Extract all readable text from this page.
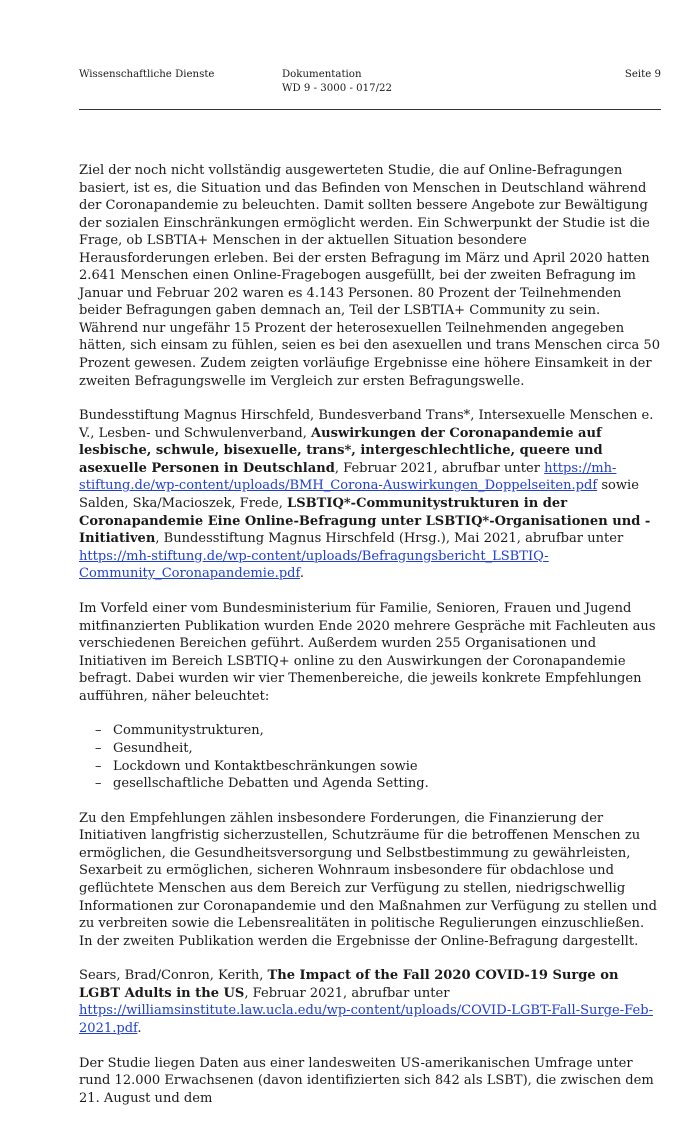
Wissenschaftliche Dienste	Dokumentation
WD 9 - 3000 - 017/22
Seite 9

Ziel der noch nicht vollständig ausgewerteten Studie, die auf Online-Befragungen basiert, ist es, die Situation und das Befinden von Menschen in Deutschland während der Coronapandemie zu beleuchten. Damit sollten bessere Angebote zur Bewältigung der sozialen Einschränkungen ermöglicht werden. Ein Schwerpunkt der Studie ist die Frage, ob LSBTIA+ Menschen in der aktuellen Situation besondere Herausforderungen erleben. Bei der ersten Befragung im März und April 2020 hatten 2.641 Menschen einen Online-Fragebogen ausgefüllt, bei der zweiten Befragung im Januar und Februar 202 waren es 4.143 Personen. 80 Prozent der Teilnehmenden beider Befragungen gaben demnach an, Teil der LSBTIA+ Community zu sein. Während nur ungefähr 15 Prozent der heterosexuellen Teilnehmenden angegeben hätten, sich einsam zu fühlen, seien es bei den asexuellen und trans Menschen circa 50 Prozent gewesen. Zudem zeigten vorläufige Ergebnisse eine höhere Einsamkeit in der zweiten Befragungswelle im Vergleich zur ersten Befragungswelle.

Bundesstiftung Magnus Hirschfeld, Bundesverband Trans*, Intersexuelle Menschen e. V., Lesben- und Schwulenverband, Auswirkungen der Coronapandemie auf lesbische, schwule, bisexuelle, trans*, intergeschlechtliche, queere und asexuelle Personen in Deutschland, Februar 2021, abrufbar unter https://mh-stiftung.de/wp-content/uploads/BMH_Corona-Auswirkungen_Doppelseiten.pdf sowie Salden, Ska/Macioszek, Frede, LSBTIQ*-Communitystrukturen in der Coronapandemie Eine Online-Befragung unter LSBTIQ*-Organisationen und -Initiativen, Bundesstiftung Magnus Hirschfeld (Hrsg.), Mai 2021, abrufbar unter https://mh-stiftung.de/wp-content/uploads/Befragungsbericht_LSBTIQ-Community_Coronapandemie.pdf.

Im Vorfeld einer vom Bundesministerium für Familie, Senioren, Frauen und Jugend mitfinanzierten Publikation wurden Ende 2020 mehrere Gespräche mit Fachleuten aus verschiedenen Bereichen geführt. Außerdem wurden 255 Organisationen und Initiativen im Bereich LSBTIQ+ online zu den Auswirkungen der Coronapandemie befragt. Dabei wurden wir vier Themenbereiche, die jeweils konkrete Empfehlungen aufführen, näher beleuchtet:

– Communitystrukturen,
– Gesundheit,
– Lockdown und Kontaktbeschränkungen sowie
– gesellschaftliche Debatten und Agenda Setting.

Zu den Empfehlungen zählen insbesondere Forderungen, die Finanzierung der Initiativen langfristig sicherzustellen, Schutzräume für die betroffenen Menschen zu ermöglichen, die Gesundheitsversorgung und Selbstbestimmung zu gewährleisten, Sexarbeit zu ermöglichen, sicheren Wohnraum insbesondere für obdachlose und geflüchtete Menschen aus dem Bereich zur Verfügung zu stellen, niedrigschwellig Informationen zur Coronapandemie und den Maßnahmen zur Verfügung zu stellen und zu verbreiten sowie die Lebensrealitäten in politische Regulierungen einzuschließen. In der zweiten Publikation werden die Ergebnisse der Online-Befragung dargestellt.

Sears, Brad/Conron, Kerith, The Impact of the Fall 2020 COVID-19 Surge on LGBT Adults in the US, Februar 2021, abrufbar unter https://williamsinstitute.law.ucla.edu/wp-content/uploads/COVID-LGBT-Fall-Surge-Feb-2021.pdf.

Der Studie liegen Daten aus einer landesweiten US-amerikanischen Umfrage unter rund 12.000 Erwachsenen (davon identifizierten sich 842 als LSBT), die zwischen dem 21. August und dem
